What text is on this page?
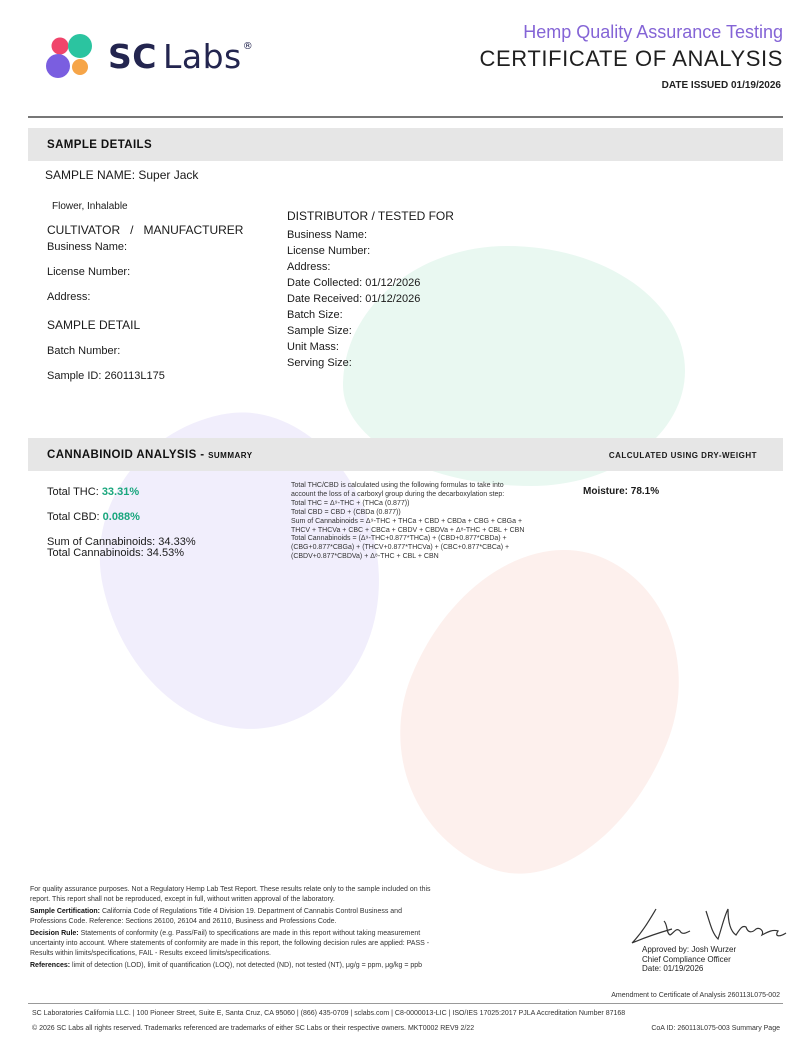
SC Labs®
Hemp Quality Assurance Testing
CERTIFICATE OF ANALYSIS
DATE ISSUED 01/19/2026
SAMPLE DETAILS
SAMPLE NAME: Super Jack
Flower, Inhalable
CULTIVATOR   /   MANUFACTURER
Business Name:
License Number:
Address:
SAMPLE DETAIL
Batch Number:
Sample ID: 260113L175
DISTRIBUTOR / TESTED FOR
Business Name:
License Number:
Address:
Date Collected: 01/12/2026
Date Received: 01/12/2026
Batch Size:
Sample Size:
Unit Mass:
Serving Size:
CANNABINOID ANALYSIS - SUMMARY	CALCULATED USING DRY-WEIGHT
Total THC: 33.31%
Total CBD: 0.088%
Sum of Cannabinoids: 34.33%
Total Cannabinoids: 34.53%
Total THC/CBD is calculated using the following formulas to take into
account the loss of a carboxyl group during the decarboxylation step:
Total THC = Δ⁹-THC + (THCa (0.877))
Total CBD = CBD + (CBDa (0.877))
Sum of Cannabinoids = Δ⁹-THC + THCa + CBD + CBDa + CBG + CBGa +
THCV + THCVa + CBC + CBCa + CBDV + CBDVa + Δ⁸-THC + CBL + CBN
Total Cannabinoids = (Δ⁹-THC+0.877*THCa) + (CBD+0.877*CBDa) +
(CBG+0.877*CBGa) + (THCV+0.877*THCVa) + (CBC+0.877*CBCa) +
(CBDV+0.877*CBDVa) + Δ⁸-THC + CBL + CBN
Moisture: 78.1%

For quality assurance purposes. Not a Regulatory Hemp Lab Test Report. These results relate only to the sample included on this report. This report shall not be reproduced, except in full, without written approval of the laboratory.

Sample Certification: California Code of Regulations Title 4 Division 19. Department of Cannabis Control Business and Professions Code. Reference: Sections 26100, 26104 and 26110, Business and Professions Code.

Decision Rule: Statements of conformity (e.g. Pass/Fail) to specifications are made in this report without taking measurement uncertainty into account. Where statements of conformity are made in this report, the following decision rules are applied: PASS - Results within limits/specifications, FAIL - Results exceed limits/specifications.

References: limit of detection (LOD), limit of quantification (LOQ), not detected (ND), not tested (NT), μg/g = ppm, μg/kg = ppb

Approved by: Josh Wurzer
Chief Compliance Officer
Date: 01/19/2026
Amendment to Certificate of Analysis 260113L075-002
SC Laboratories California LLC. | 100 Pioneer Street, Suite E, Santa Cruz, CA 95060 | (866) 435-0709 | sclabs.com | C8-0000013-LIC | ISO/IES 17025:2017 PJLA Accreditation Number 87168
© 2026 SC Labs all rights reserved. Trademarks referenced are trademarks of either SC Labs or their respective owners. MKT0002 REV9 2/22	CoA ID: 260113L075-003 Summary Page
